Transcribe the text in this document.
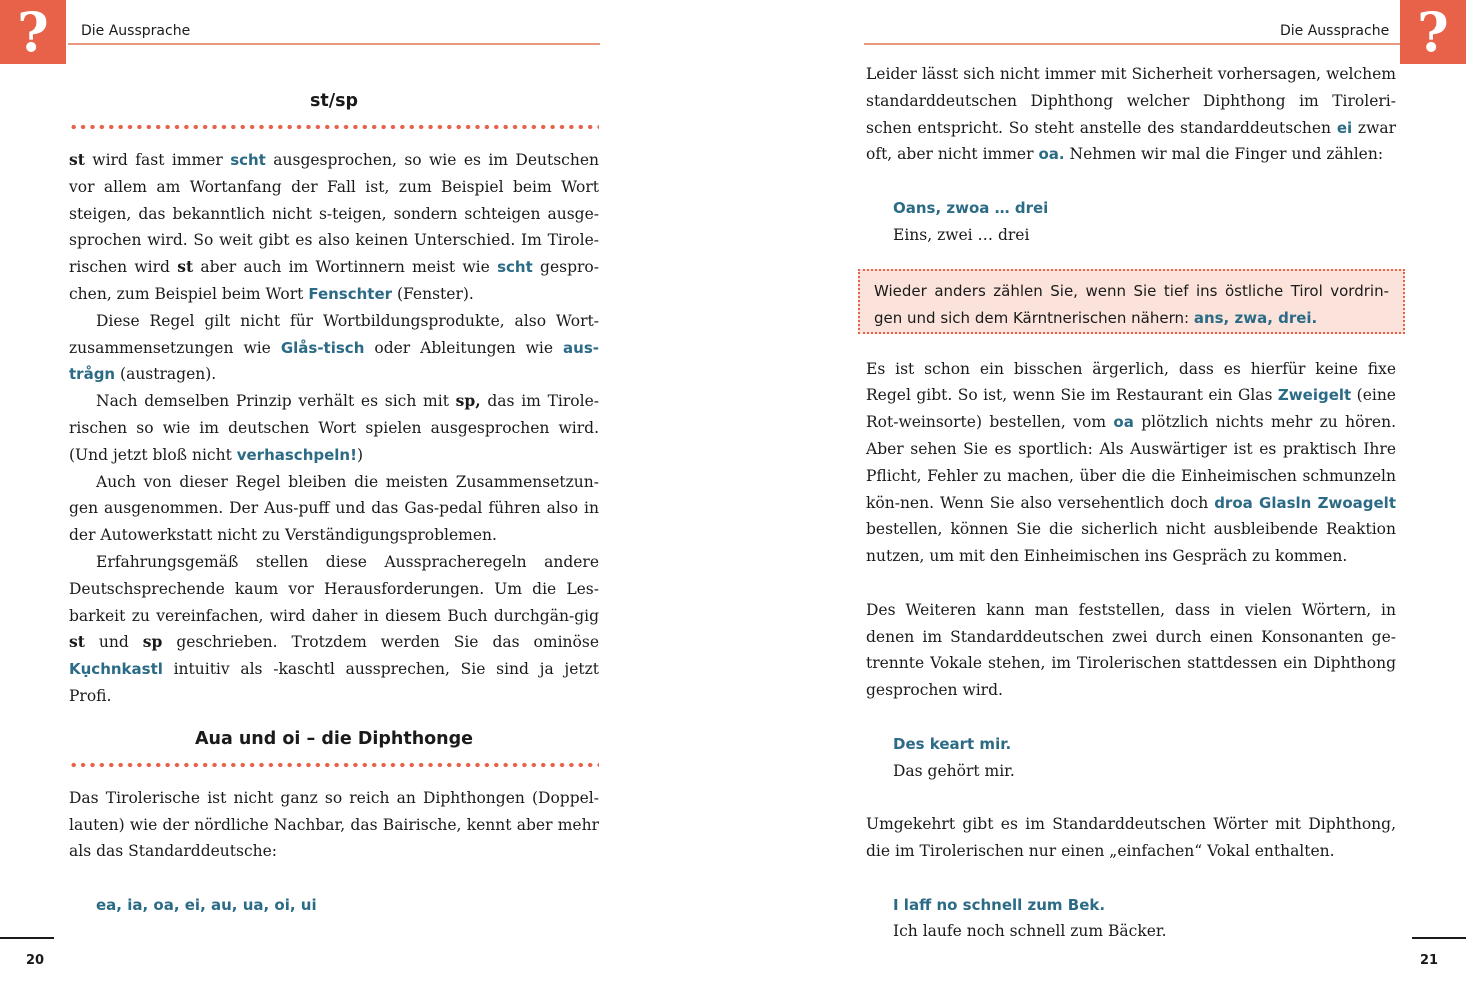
?	?
Die Aussprache	Die Aussprache
st/sp

st wird fast immer scht ausgesprochen, so wie es im Deutschen vor allem am Wortanfang der Fall ist, zum Beispiel beim Wort steigen, das bekanntlich nicht s-teigen, sondern schteigen ausge-sprochen wird. So weit gibt es also keinen Unterschied. Im Tirole-rischen wird st aber auch im Wortinnern meist wie scht gespro-chen, zum Beispiel beim Wort Fenschter (Fenster).

Diese Regel gilt nicht für Wortbildungsprodukte, also Wort-zusammensetzungen wie Glås-tisch oder Ableitungen wie aus-trågn (austragen).

Nach demselben Prinzip verhält es sich mit sp, das im Tirole-rischen so wie im deutschen Wort spielen ausgesprochen wird. (Und jetzt bloß nicht verhaschpeln!)

Auch von dieser Regel bleiben die meisten Zusammensetzun-gen ausgenommen. Der Aus-puff und das Gas-pedal führen also in der Autowerkstatt nicht zu Verständigungsproblemen.

Erfahrungsgemäß stellen diese Ausspracheregeln andere Deutschsprechende kaum vor Herausforderungen. Um die Les-barkeit zu vereinfachen, wird daher in diesem Buch durchgän-gig st und sp geschrieben. Trotzdem werden Sie das ominöse Kụchnkastl intuitiv als -kaschtl aussprechen, Sie sind ja jetzt Profi.

Aua und oi – die Diphthonge

Das Tirolerische ist nicht ganz so reich an Diphthongen (Doppel-lauten) wie der nördliche Nachbar, das Bairische, kennt aber mehr als das Standarddeutsche:

ea, ia, oa, ei, au, ua, oi, ui

Leider lässt sich nicht immer mit Sicherheit vorhersagen, welchem standarddeutschen Diphthong welcher Diphthong im Tiroleri-schen entspricht. So steht anstelle des standarddeutschen ei zwar oft, aber nicht immer oa. Nehmen wir mal die Finger und zählen:

Oans, zwoa … drei
Eins, zwei … drei

Es ist schon ein bisschen ärgerlich, dass es hierfür keine fixe Regel gibt. So ist, wenn Sie im Restaurant ein Glas Zweigelt (eine Rot-weinsorte) bestellen, vom oa plötzlich nichts mehr zu hören. Aber sehen Sie es sportlich: Als Auswärtiger ist es praktisch Ihre Pflicht, Fehler zu machen, über die die Einheimischen schmunzeln kön-nen. Wenn Sie also versehentlich doch droa Glasln Zwoagelt bestellen, können Sie die sicherlich nicht ausbleibende Reaktion nutzen, um mit den Einheimischen ins Gespräch zu kommen.

Des Weiteren kann man feststellen, dass in vielen Wörtern, in denen im Standarddeutschen zwei durch einen Konsonanten ge-trennte Vokale stehen, im Tirolerischen stattdessen ein Diphthong gesprochen wird.

Des keart mir.
Das gehört mir.

Umgekehrt gibt es im Standarddeutschen Wörter mit Diphthong, die im Tirolerischen nur einen „einfachen“ Vokal enthalten.

I laff no schnell zum Bek.
Ich laufe noch schnell zum Bäcker.
Wieder anders zählen Sie, wenn Sie tief ins östliche Tirol vordrin-gen und sich dem Kärntnerischen nähern: ans, zwa, drei.
20	21
